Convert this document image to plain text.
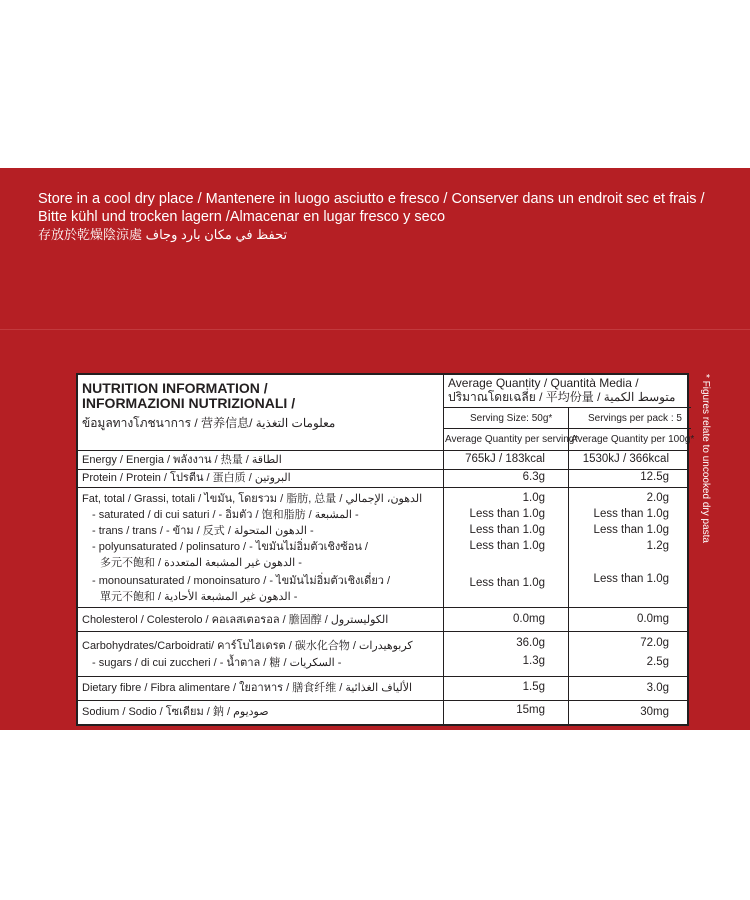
Store in a cool dry place / Mantenere in luogo asciutto e fresco / Conserver dans un endroit sec et frais /
Bitte kühl und trocken lagern /Almacenar en lugar fresco y seco
存放於乾燥陰涼處 تحفظ في مكان بارد وجاف
* Figures relate to uncooked dry pasta
NUTRITION INFORMATION /
INFORMAZIONI NUTRIZIONALI /
ข้อมูลทางโภชนาการ / 营养信息/ معلومات التغذية
Average Quantity / Quantità Media /
ปริมาณโดยเฉลี่ย / 平均份量 / متوسط الكمية
Serving Size: 50g*	Servings per pack : 5
Average Quantity per serving*
Average Quantity per 100g*
Energy / Energia / พลังงาน / 热量 / الطاقة	765kJ / 183kcal	1530kJ / 366kcal
Protein / Protein / โปรตีน / 蛋白质 / البروتين	6.3g	12.5g
Fat, total / Grassi, totali / ไขมัน, โดยรวม / 脂肪, 总量 / الدهون، الإجمالي	1.0g	2.0g
- saturated / di cui saturi / - อิ่มตัว / 饱和脂肪 / المشبعة -	Less than 1.0g	Less than 1.0g
- trans / trans / - ข้าม / 反式 / الدهون المتحولة -	Less than 1.0g	Less than 1.0g
- polyunsaturated / polinsaturo / - ไขมันไม่อิ่มตัวเชิงซ้อน /
多元不飽和 / الدهون غير المشبعة المتعددة -
Less than 1.0g	1.2g
- monounsaturated / monoinsaturo / - ไขมันไม่อิ่มตัวเชิงเดี่ยว /
單元不飽和 / الدهون غير المشبعة الأحادية -
Less than 1.0g	Less than 1.0g
Cholesterol / Colesterolo / คอเลสเตอรอล / 膽固醇 / الكوليسترول	0.0mg	0.0mg
Carbohydrates/Carboidrati/ คาร์โบไฮเดรต / 碳水化合物 / كربوهيدرات	36.0g	72.0g
- sugars / di cui zuccheri / - น้ำตาล / 糖 / السكريات -	1.3g	2.5g
Dietary fibre / Fibra alimentare / ใยอาหาร / 膳食纤维 / الألياف الغذائية	1.5g	3.0g
Sodium / Sodio / โซเดียม / 鈉 / صوديوم	15mg	30mg
